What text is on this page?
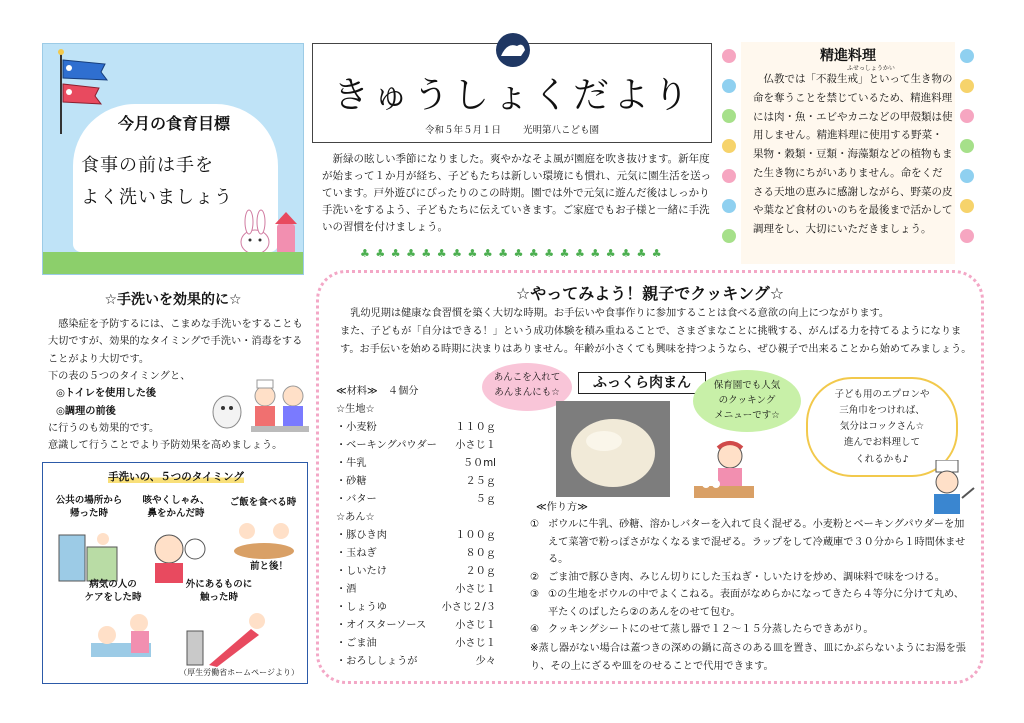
今月の食育目標
食事の前は手を
よく洗いましょう
きゅうしょくだより
令和５年５月１日 光明第八こども園
新緑の眩しい季節になりました。爽やかなそよ風が園庭を吹き抜けます。新年度が始まって１か月が経ち、子どもたちは新しい環境にも慣れ、元気に園生活を送っています。戸外遊びにぴったりのこの時期。園では外で元気に遊んだ後はしっかり手洗いをするよう、子どもたちに伝えていきます。ご家庭でもお子様と一緒に手洗いの習慣を付けましょう。
精進料理
ふせっしょうかい
仏教では「不殺生戒」といって生き物の命を奪うことを禁じているため、精進料理には肉・魚・エビやカニなどの甲殻類は使用しません。精進料理に使用する野菜・果物・穀類・豆類・海藻類などの植物もまた生き物にちがいありません。命をくださる天地の恵みに感謝しながら、野菜の皮や葉など食材のいのちを最後まで活かして調理をし、大切にいただきましょう。
♣ ♣ ♣ ♣ ♣ ♣ ♣ ♣ ♣ ♣ ♣ ♣ ♣ ♣ ♣ ♣ ♣ ♣ ♣ ♣
☆手洗いを効果的に☆
感染症を予防するには、こまめな手洗いをすることも大切ですが、効果的なタイミングで手洗い・消毒をすることがより大切です。
下の表の５つのタイミングと、
◎トイレを使用した後
◎調理の前後
に行うのも効果的です。
意識して行うことでより予防効果を高めましょう。
手洗いの、５つのタイミング
公共の場所から
帰った時
咳やくしゃみ、
鼻をかんだ時
ご飯を食べる時
前と後！
病気の人の
ケアをした時
外にあるものに
触った時
（厚生労働省ホームページより）
☆やってみよう！親子でクッキング☆
乳幼児期は健康な食習慣を築く大切な時期。お手伝いや食事作りに参加することは食べる意欲の向上につながります。
また、子どもが「自分はできる！」という成功体験を積み重ねることで、さまざまなことに挑戦する、がんばる力を持てるようになります。お手伝いを始める時期に決まりはありません。年齢が小さくても興味を持つようなら、ぜひ親子で出来ることから始めてみましょう。
≪材料≫　４個分
☆生地☆
・小麦粉	１１０ｇ
・ベーキングパウダー 小さじ１
・牛乳	５０ml
・砂糖	２５ｇ
・バター	５ｇ
☆あん☆
・豚ひき肉	１００ｇ
・玉ねぎ	８０ｇ
・しいたけ	２０ｇ
・酒	小さじ１
・しょうゆ	小さじ２/３
・オイスターソース	小さじ１
・ごま油	小さじ１
・おろししょうが	少々
あんこを入れて
あんまんにも☆
ふっくら肉まん	保育園でも人気
のクッキング
メニューです☆
子ども用のエプロンや
三角巾をつければ、
気分はコックさん☆
進んでお料理して
くれるかも♪
≪作り方≫
① ボウルに牛乳、砂糖、溶かしバターを入れて良く混ぜる。小麦粉とベーキングパウダーを加えて菜箸で粉っぽさがなくなるまで混ぜる。ラップをして冷蔵庫で３０分から１時間休ませる。
② ごま油で豚ひき肉、みじん切りにした玉ねぎ・しいたけを炒め、調味料で味をつける。
③ ①の生地をボウルの中でよくこねる。表面がなめらかになってきたら４等分に分けて丸め、平たくのばしたら②のあんをのせて包む。
④ クッキングシートにのせて蒸し器で１２～１５分蒸したらできあがり。
※蒸し器がない場合は蓋つきの深めの鍋に高さのある皿を置き、皿にかぶらないようにお湯を張り、その上にざるや皿をのせることで代用できます。
